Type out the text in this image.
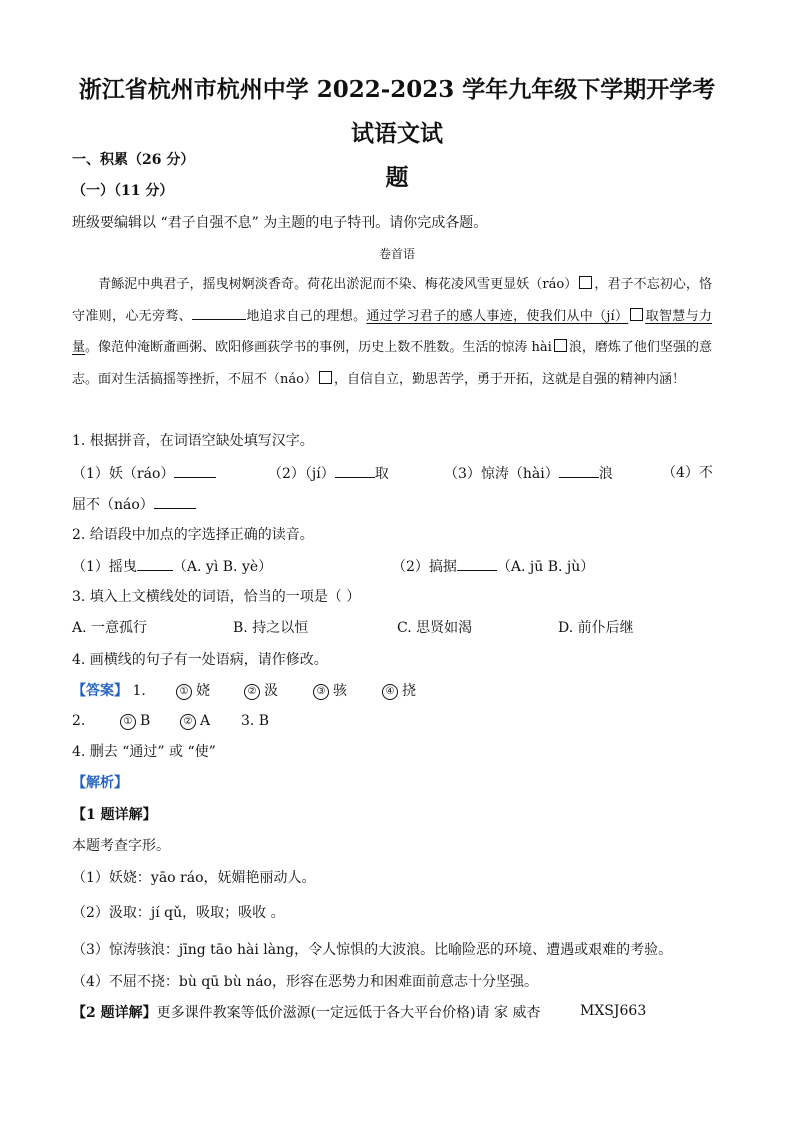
浙江省杭州市杭州中学 2022-2023 学年九年级下学期开学考试语文试
题
一、积累（26 分）
（一）（11 分）
班级要编辑以 “君子自强不息” 为主题的电子特刊。请你完成各题。
卷首语

青鲧泥中典君子，摇曳树婀淡香奇。荷花出淤泥而不染、梅花凌风雪更显妖（ráo） ，君子不忘初心，恪守准则，心无旁骛、	地追求自己的理想。通过学习君子的感人事迹，使我们从中（jí） 取智慧与力量。像范仲淹断齑画粥、欧阳修画荻学书的事例，历史上数不胜数。生活的惊涛 hài 浪，磨炼了他们坚强的意志。面对生活搞摇等挫折，不屈不（náo） ，自信自立，勤思苦学，勇于开拓，这就是自强的精神内涵！

1. 根据拼音，在词语空缺处填写汉字。
（1）妖（ráo）	（2）（jí）	取	（3）惊涛（hài）	浪	（4）不
屈不（náo）
2. 给语段中加点的字选择正确的读音。
（1）摇曳	（A. yì B. yè）	（2）搞据	（A. jū B. jù）
3. 填入上文横线处的词语，恰当的一项是（ ）
A. 一意孤行	B. 持之以恒	C. 思贤如渴	D. 前仆后继
4. 画横线的句子有一处语病，请作修改。
【答案】 1.	① 娆	② 汲	③ 骇	④ 挠
2.	① B	② A 3. B
4. 删去 “通过” 或 “使”
【解析】
【1 题详解】
本题考查字形。
（1）妖娆：yāo ráo，妩媚艳丽动人。
（2）汲取：jí qǔ，吸取；吸收 。
（3）惊涛骇浪：jīng tāo hài làng，令人惊惧的大波浪。比喻险恶的环境、遭遇或艰难的考验。
（4）不屈不挠：bù qū bù náo，形容在恶势力和困难面前意志十分坚强。
【2 题详解】更多课件教案等低价滋源(一定远低于各大平台价格)请 家 威杏	MXSJ663
